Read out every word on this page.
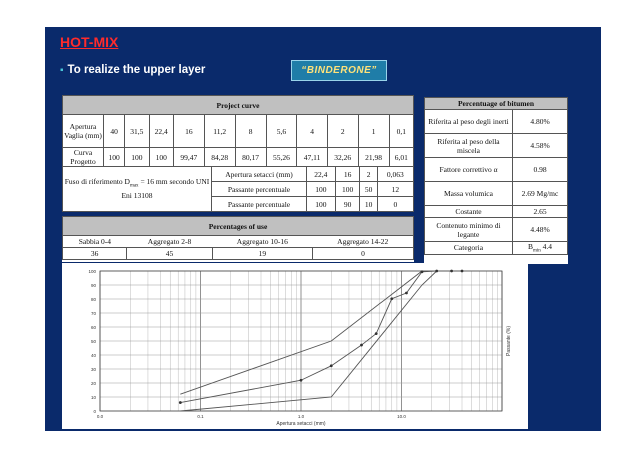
HOT-MIX
▪ To realize the upper layer	“BINDERONE”
Project curve											
Apertura Vaglia (mm)	40	31,5	22,4	16	11,2	8	5,6	4	2	1	0,1
Curva Progetto	100	100	100	99,47	84,28	80,17	55,26	47,11	32,26	21,98	6,01
Fuso di riferimento $D_{max} = 16$ mm secondo UNI Eni 13108	Apertura setacci (mm)	22,4	16	2	0,063
	Passante percentuale	100	100	50	12
	Passante percentuale	100	90	10	0
Percentages of use			
Sabbia 0-4	Aggregato 2-8	Aggregato 10-16	Aggregato 14-22
36	45	19	0
Percentuage of bitumen	
Riferita al peso degli inerti	4.80%
Riferita al peso della miscela	4.58%
Fattore correttivo α	0.98
Massa volumica	2.69 Mg/mc
Costante	2.65
Contenuto minimo di legante	4.48%
Categoria	$B_{min}$ 4.4
0
10
20
30
40
50
60
70
80
90
100
0.0	0.1	1.0	10.0
Apertura setacci (mm)
Passante (%)
